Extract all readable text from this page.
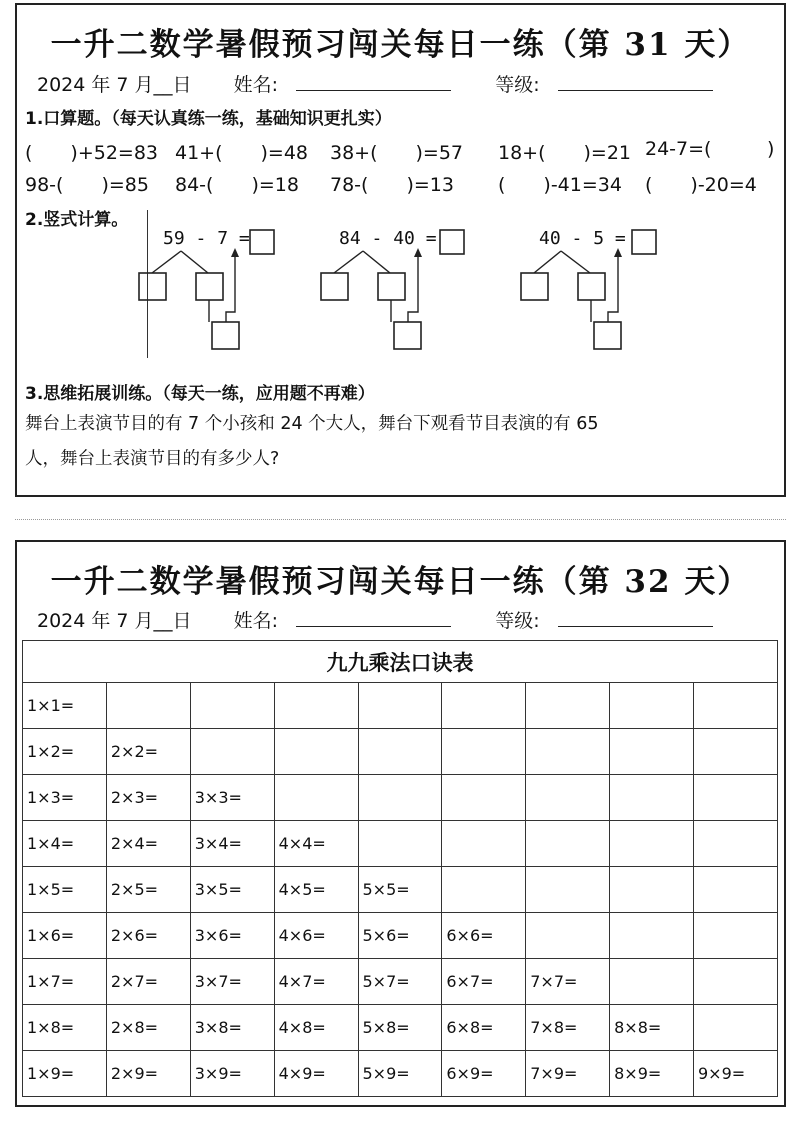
一升二数学暑假预习闯关每日一练（第 31 天）
2024 年 7 月__日 姓名:	等级:
1.口算题。（每天认真练一练，基础知识更扎实）
(　　)+52=83 41+(　　)=48 38+(　　)=57 18+(　　)=21 24-7=(	)
98-(　　)=85 84-(　　)=18 78-(　　)=13 (　　)-41=34 (　　)-20=4
2.竖式计算。
59 - 7 =	84 - 40 =	40 - 5 =
3.思维拓展训练。（每天一练，应用题不再难）
舞台上表演节目的有 7 个小孩和 24 个大人，舞台下观看节目表演的有 65
人，舞台上表演节目的有多少人?
一升二数学暑假预习闯关每日一练（第 32 天）
2024 年 7 月__日 姓名:	等级:
九九乘法口诀表								
1×1=								
1×2=	2×2=							
1×3=	2×3=	3×3=						
1×4=	2×4=	3×4=	4×4=					
1×5=	2×5=	3×5=	4×5=	5×5=				
1×6=	2×6=	3×6=	4×6=	5×6=	6×6=			
1×7=	2×7=	3×7=	4×7=	5×7=	6×7=	7×7=		
1×8=	2×8=	3×8=	4×8=	5×8=	6×8=	7×8=	8×8=	
1×9=	2×9=	3×9=	4×9=	5×9=	6×9=	7×9=	8×9=	9×9=
